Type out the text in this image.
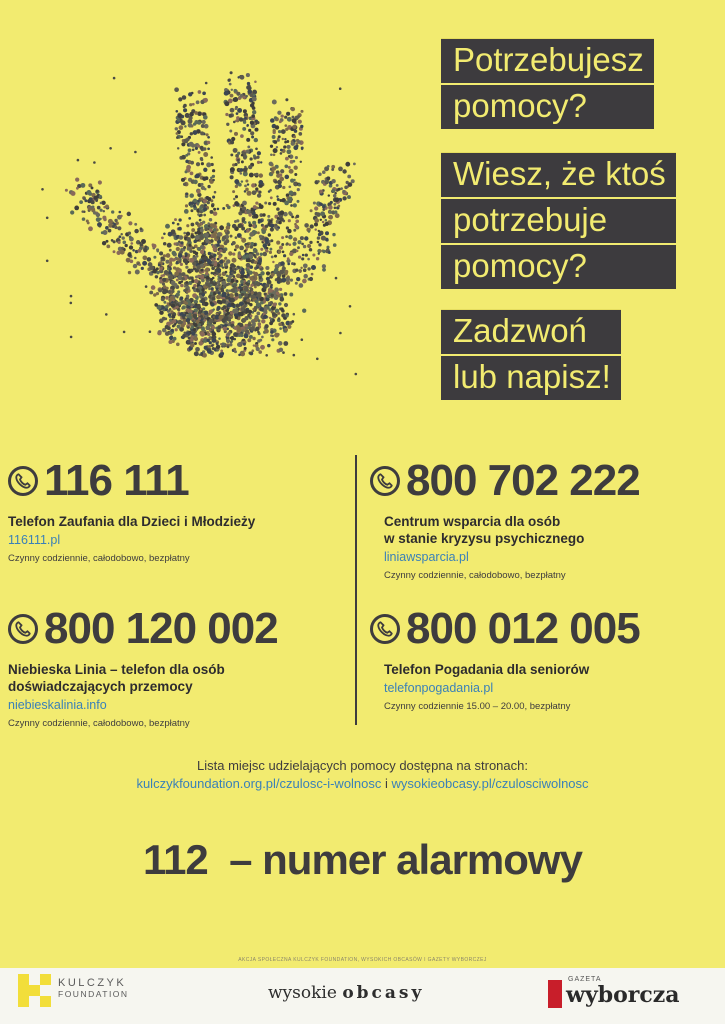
Potrzebujesz
pomocy?
Wiesz, że ktoś
potrzebuje
pomocy?
Zadzwoń
lub napisz!
116 111
Telefon Zaufania dla Dzieci i Młodzieży
116111.pl
Czynny codziennie, całodobowo, bezpłatny
800 702 222
Centrum wsparcia dla osób
w stanie kryzysu psychicznego
liniawsparcia.pl
Czynny codziennie, całodobowo, bezpłatny
800 120 002
Niebieska Linia – telefon dla osób
doświadczających przemocy
niebieskalinia.info
Czynny codziennie, całodobowo, bezpłatny
800 012 005
Telefon Pogadania dla seniorów
telefonpogadania.pl
Czynny codziennie 15.00 – 20.00, bezpłatny
Lista miejsc udzielających pomocy dostępna na stronach:
kulczykfoundation.org.pl/czulosc-i-wolnosc i wysokieobcasy.pl/czulosciwolnosc
112  – numer alarmowy
AKCJA SPOŁECZNA KULCZYK FOUNDATION, WYSOKICH OBCASÓW I GAZETY WYBORCZEJ
KULCZYK
FOUNDATION	wysokie obcasy
GAZETA
wyborcza
